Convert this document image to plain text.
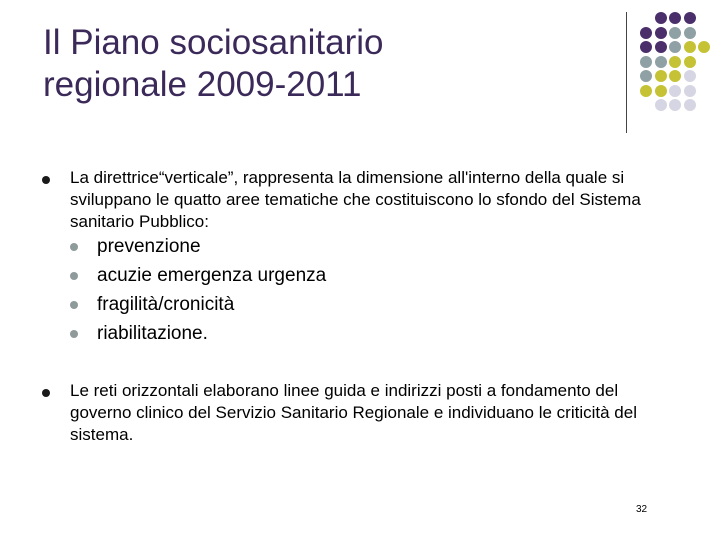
Il Piano sociosanitario
regionale 2009-2011
La direttrice“verticale”, rappresenta la dimensione all'interno della quale si sviluppano le quatto aree tematiche che costituiscono lo sfondo del Sistema sanitario Pubblico:
prevenzione
acuzie emergenza urgenza
fragilità/cronicità
riabilitazione.
Le reti orizzontali elaborano linee guida e indirizzi posti a fondamento del governo clinico del Servizio Sanitario Regionale e individuano le criticità del sistema.
32
